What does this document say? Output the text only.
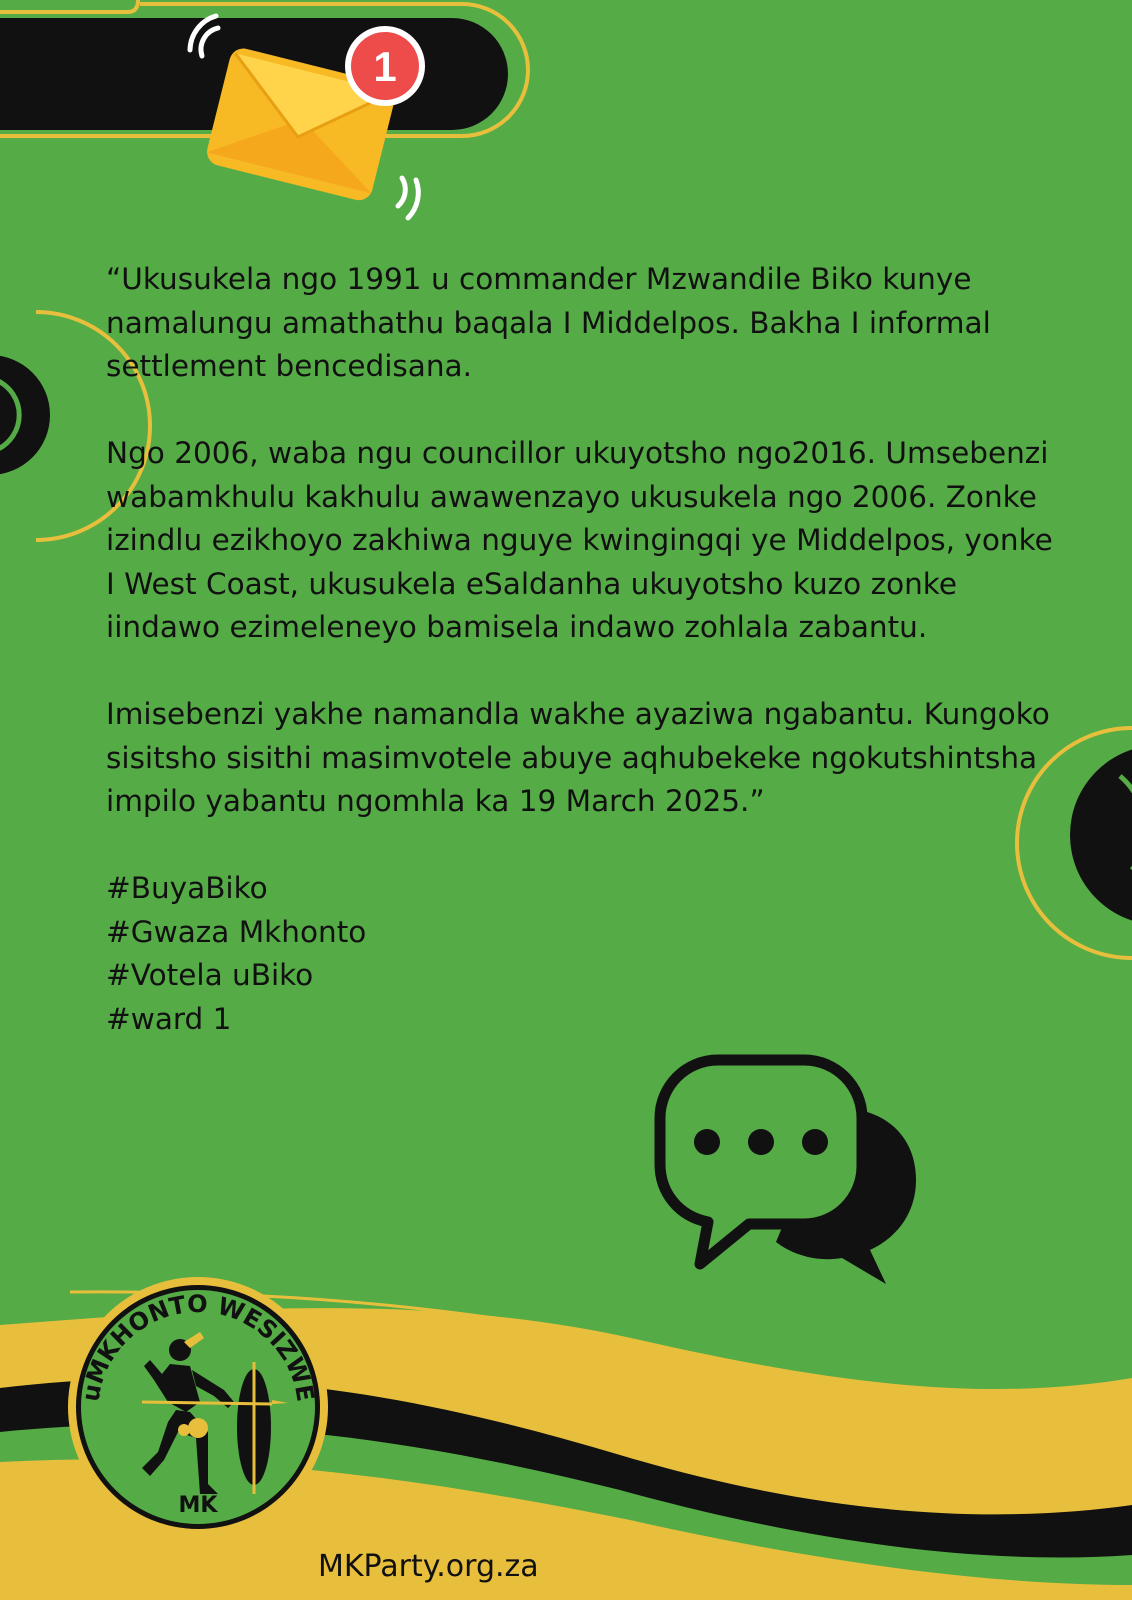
1

“Ukusukela ngo 1991 u commander Mzwandile Biko kunye namalungu amathathu baqala I Middelpos. Bakha I informal settlement bencedisana.

Ngo 2006, waba ngu councillor ukuyotsho ngo2016. Umsebenzi wabamkhulu kakhulu awawenzayo ukusukela ngo 2006. Zonke izindlu ezikhoyo zakhiwa nguye kwingingqi ye Middelpos, yonke I West Coast, ukusukela eSaldanha ukuyotsho kuzo zonke iindawo ezimeleneyo bamisela indawo zohlala zabantu.

Imisebenzi yakhe namandla wakhe ayaziwa ngabantu. Kungoko sisitsho sisithi masimvotele abuye aqhubekeke ngokutshintsha impilo yabantu ngomhla ka 19 March 2025.”

#BuyaBiko
#Gwaza Mkhonto
#Votela uBiko
#ward 1
uMKHONTO WESIZWE
MK
MKParty.org.za
